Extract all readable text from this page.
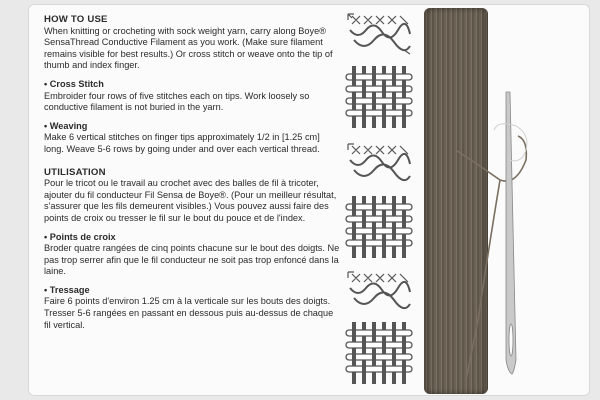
HOW TO USE

When knitting or crocheting with sock weight yarn, carry along Boye® SensaThread Conductive Filament as you work. (Make sure filament remains visible for best results.) Or cross stitch or weave onto the tip of thumb and index finger.

• Cross Stitch

Embroider four rows of five stitches each on tips. Work loosely so conductive filament is not buried in the yarn.

• Weaving

Make 6 vertical stitches on finger tips approximately 1/2 in [1.25 cm] long. Weave 5-6 rows by going under and over each vertical thread.

UTILISATION

Pour le tricot ou le travail au crochet avec des balles de fil à tricoter, ajouter du fil conducteur Fil Sensa de Boye®. (Pour un meilleur résultat, s'assurer que les fils demeurent visibles.) Vous pouvez aussi faire des points de croix ou tresser le fil sur le bout du pouce et de l'index.

• Points de croix

Broder quatre rangées de cinq points chacune sur le bout des doigts. Ne pas trop serrer afin que le fil conducteur ne soit pas trop enfoncé dans la laine.

• Tressage

Faire 6 points d'environ 1.25 cm à la verticale sur les bouts des doigts. Tresser 5-6 rangées en passant en dessous puis au-dessus de chaque fil vertical.
